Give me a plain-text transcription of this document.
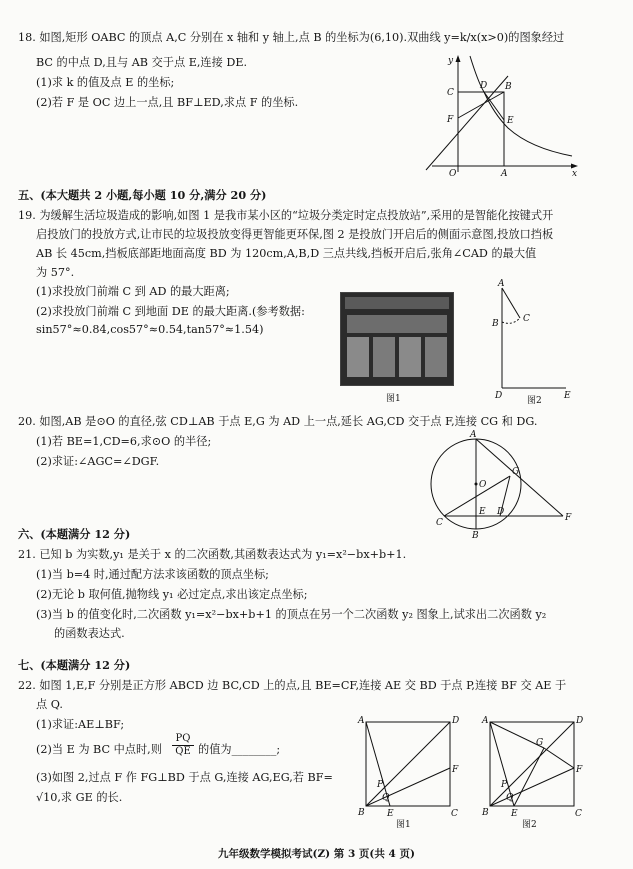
18. 如图,矩形 OABC 的顶点 A,C 分别在 x 轴和 y 轴上,点 B 的坐标为(6,10).双曲线 y=k/x(x>0)的图象经过
BC 的中点 D,且与 AB 交于点 E,连接 DE.
(1)求 k 的值及点 E 的坐标;
(2)若 F 是 OC 边上一点,且 BF⊥ED,求点 F 的坐标.
y
C
D B
F	E
O	A	x
五、(本大题共 2 小题,每小题 10 分,满分 20 分)
19. 为缓解生活垃圾造成的影响,如图 1 是我市某小区的“垃圾分类定时定点投放站”,采用的是智能化按键式开
启投放门的投放方式,让市民的垃圾投放变得更智能更环保,图 2 是投放门开启后的侧面示意图,投放口挡板
AB 长 45cm,挡板底部距地面高度 BD 为 120cm,A,B,D 三点共线,挡板开启后,张角∠CAD 的最大值
为 57°.
(1)求投放门前端 C 到 AD 的最大距离;
(2)求投放门前端 C 到地面 DE 的最大距离.(参考数据:
sin57°≈0.84,cos57°≈0.54,tan57°≈1.54)
图1
A
C
B
D	E
图2
20. 如图,AB 是⊙O 的直径,弦 CD⊥AB 于点 E,G 为 AD 上一点,延长 AG,CD 交于点 F,连接 CG 和 DG.
(1)若 BE=1,CD=6,求⊙O 的半径;
(2)求证:∠AGC=∠DGF.
A
O
G
E D
F
C
B
六、(本题满分 12 分)
21. 已知 b 为实数,y₁ 是关于 x 的二次函数,其函数表达式为 y₁=x²−bx+b+1.
(1)当 b=4 时,通过配方法求该函数的顶点坐标;
(2)无论 b 取何值,抛物线 y₁ 必过定点,求出该定点坐标;
(3)当 b 的值变化时,二次函数 y₁=x²−bx+b+1 的顶点在另一个二次函数 y₂ 图象上,试求出二次函数 y₂
的函数表达式.
七、(本题满分 12 分)
22. 如图 1,E,F 分别是正方形 ABCD 边 BC,CD 上的点,且 BE=CF,连接 AE 交 BD 于点 P,连接 BF 交 AE 于
点 Q.
(1)求证:AE⊥BF;
(2)当 E 为 BC 中点时,则 $\frac{PQ}{QE}$ 的值为________;
(3)如图 2,过点 F 作 FG⊥BD 于点 G,连接 AG,EG,若 BF=
√10,求 GE 的长.
A	D
F
P
Q
B E	C
图1
A	D
G
F
P
Q
B E	C
图2
九年级数学模拟考试(Z) 第 3 页(共 4 页)
